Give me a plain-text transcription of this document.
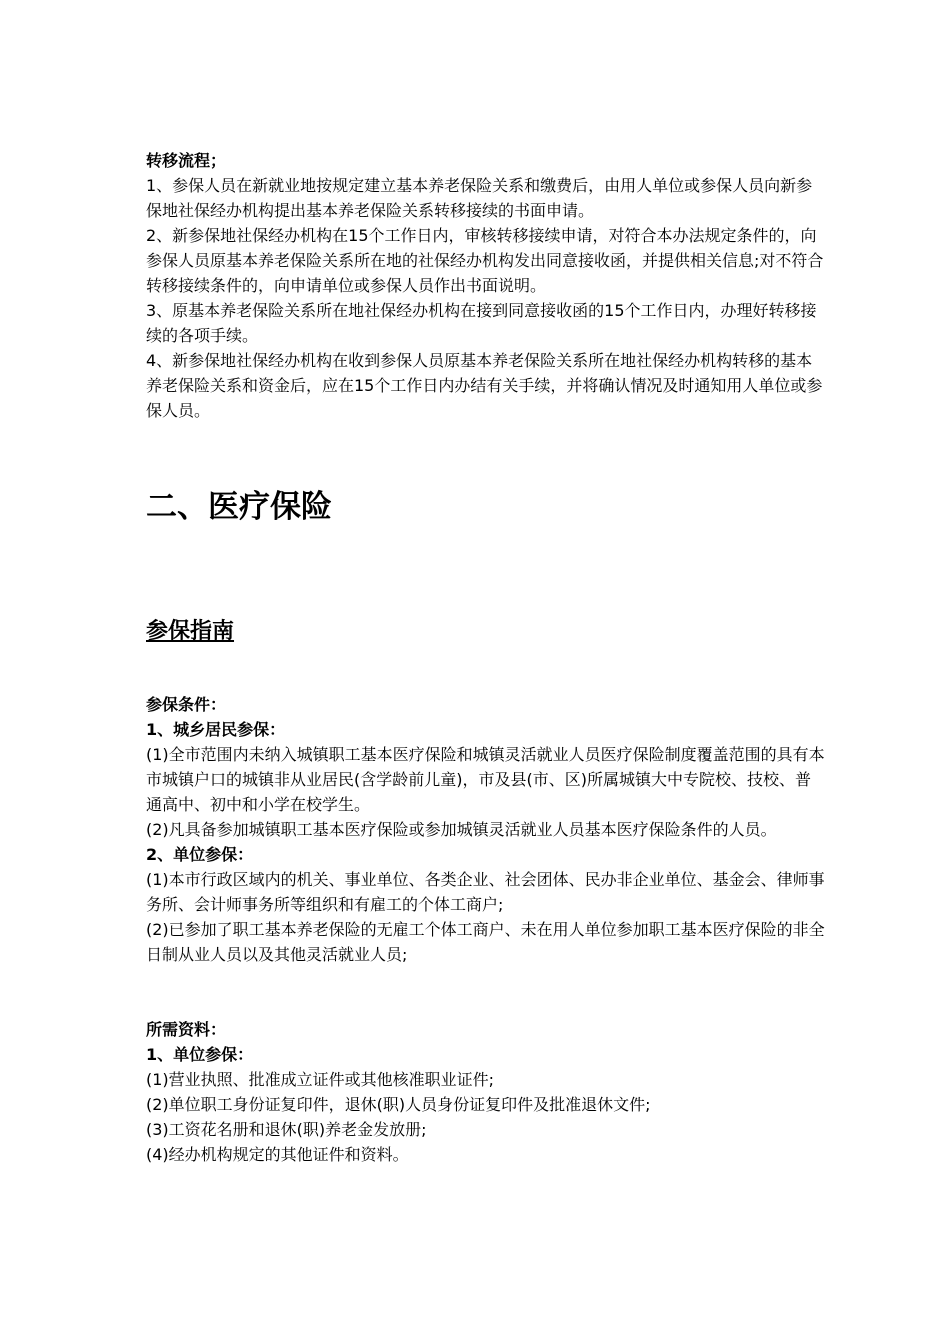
转移流程；

1、参保人员在新就业地按规定建立基本养老保险关系和缴费后，由用人单位或参保人员向新参保地社保经办机构提出基本养老保险关系转移接续的书面申请。

2、新参保地社保经办机构在15个工作日内，审核转移接续申请，对符合本办法规定条件的，向参保人员原基本养老保险关系所在地的社保经办机构发出同意接收函，并提供相关信息;对不符合转移接续条件的，向申请单位或参保人员作出书面说明。

3、原基本养老保险关系所在地社保经办机构在接到同意接收函的15个工作日内，办理好转移接续的各项手续。

4、新参保地社保经办机构在收到参保人员原基本养老保险关系所在地社保经办机构转移的基本养老保险关系和资金后，应在15个工作日内办结有关手续，并将确认情况及时通知用人单位或参保人员。

二、医疗保险

参保指南

参保条件：

1、城乡居民参保：

(1)全市范围内未纳入城镇职工基本医疗保险和城镇灵活就业人员医疗保险制度覆盖范围的具有本市城镇户口的城镇非从业居民(含学龄前儿童)，市及县(市、区)所属城镇大中专院校、技校、普通高中、初中和小学在校学生。

(2)凡具备参加城镇职工基本医疗保险或参加城镇灵活就业人员基本医疗保险条件的人员。

2、单位参保：

(1)本市行政区域内的机关、事业单位、各类企业、社会团体、民办非企业单位、基金会、律师事务所、会计师事务所等组织和有雇工的个体工商户;

(2)已参加了职工基本养老保险的无雇工个体工商户、未在用人单位参加职工基本医疗保险的非全日制从业人员以及其他灵活就业人员;

所需资料：

1、单位参保：

(1)营业执照、批准成立证件或其他核准职业证件;

(2)单位职工身份证复印件，退休(职)人员身份证复印件及批准退休文件;

(3)工资花名册和退休(职)养老金发放册;

(4)经办机构规定的其他证件和资料。
